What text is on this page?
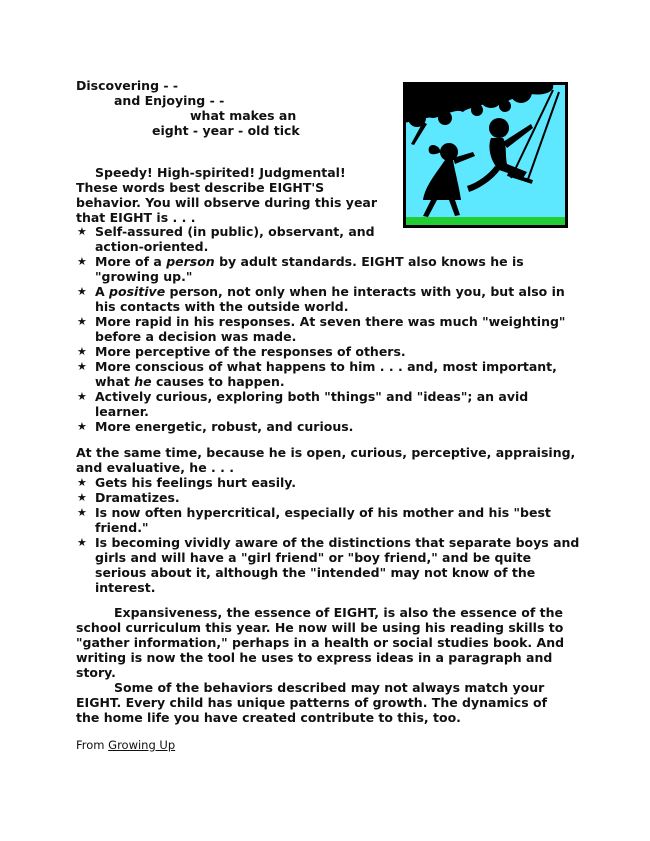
Discovering - -
and Enjoying - -
what makes an
eight - year - old tick
Speedy! High-spirited! Judgmental!
These words best describe EIGHT'S
behavior. You will observe during this year
that EIGHT is . . .
★ Self-assured (in public), observant, and
action-oriented.
★ More of a person by adult standards. EIGHT also knows he is
"growing up."
★ A positive person, not only when he interacts with you, but also in
his contacts with the outside world.
★ More rapid in his responses. At seven there was much "weighting"
before a decision was made.
★ More perceptive of the responses of others.
★ More conscious of what happens to him . . . and, most important,
what he causes to happen.
★ Actively curious, exploring both "things" and "ideas"; an avid
learner.
★ More energetic, robust, and curious.
At the same time, because he is open, curious, perceptive, appraising,
and evaluative, he . . .
★ Gets his feelings hurt easily.
★ Dramatizes.
★ Is now often hypercritical, especially of his mother and his "best
friend."
★ Is becoming vividly aware of the distinctions that separate boys and
girls and will have a "girl friend" or "boy friend," and be quite
serious about it, although the "intended" may not know of the
interest.
Expansiveness, the essence of EIGHT, is also the essence of the
school curriculum this year. He now will be using his reading skills to
"gather information," perhaps in a health or social studies book. And
writing is now the tool he uses to express ideas in a paragraph and
story.
Some of the behaviors described may not always match your
EIGHT. Every child has unique patterns of growth. The dynamics of
the home life you have created contribute to this, too.
From Growing Up
